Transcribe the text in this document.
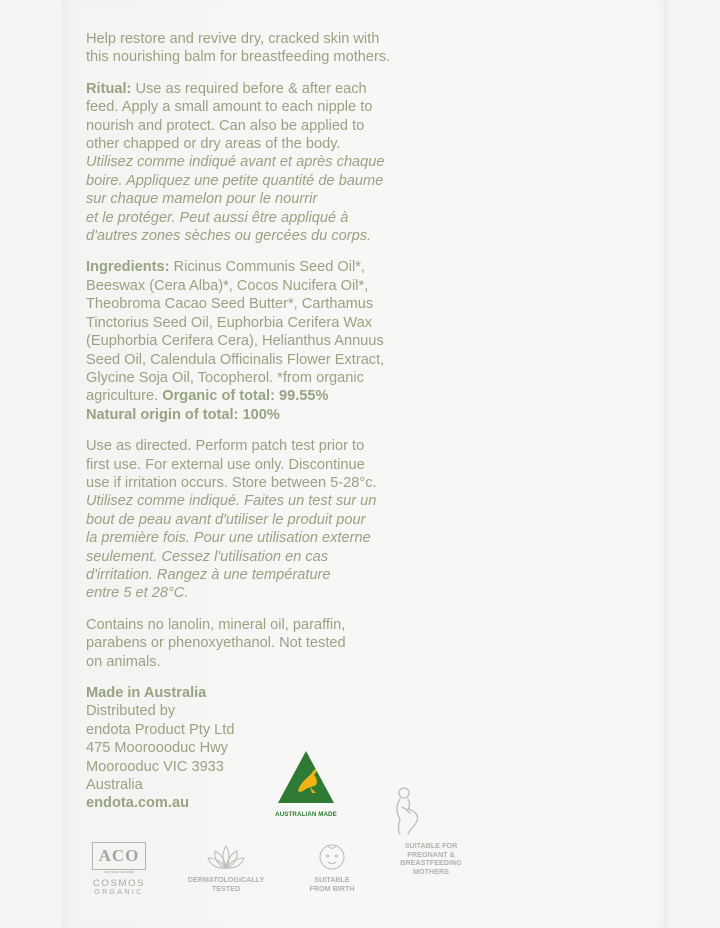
Help restore and revive dry, cracked skin with
this nourishing balm for breastfeeding mothers.

Ritual: Use as required before & after each
feed. Apply a small amount to each nipple to
nourish and protect. Can also be applied to
other chapped or dry areas of the body.
Utilisez comme indiqué avant et après chaque
boire. Appliquez une petite quantité de baume
sur chaque mamelon pour le nourrir
et le protéger. Peut aussi être appliqué à
d'autres zones sèches ou gercées du corps.

Ingredients: Ricinus Communis Seed Oil*,
Beeswax (Cera Alba)*, Cocos Nucifera Oil*,
Theobroma Cacao Seed Butter*, Carthamus
Tinctorius Seed Oil, Euphorbia Cerifera Wax
(Euphorbia Cerifera Cera), Helianthus Annuus
Seed Oil, Calendula Officinalis Flower Extract,
Glycine Soja Oil, Tocopherol. *from organic
agriculture. Organic of total: 99.55%
Natural origin of total: 100%

Use as directed. Perform patch test prior to
first use. For external use only. Discontinue
use if irritation occurs. Store between 5-28°c.
Utilisez comme indiqué. Faites un test sur un
bout de peau avant d'utiliser le produit pour
la première fois. Pour une utilisation externe
seulement. Cessez l'utilisation en cas
d'irritation. Rangez à une température
entre 5 et 28°C.

Contains no lanolin, mineral oil, paraffin,
parabens or phenoxyethanol. Not tested
on animals.

Made in Australia
Distributed by
endota Product Pty Ltd
475 Mooroooduc Hwy
Moorooduc VIC 3933
Australia
endota.com.au
AUSTRALIAN MADE
ACO
CERTIFIED ORGANIC
COSMOS
ORGANIC
DERMATOLOGICALLY
TESTED
SUITABLE
FROM BIRTH
SUITABLE FOR
PREGNANT &
BREASTFEEDING
MOTHERS
